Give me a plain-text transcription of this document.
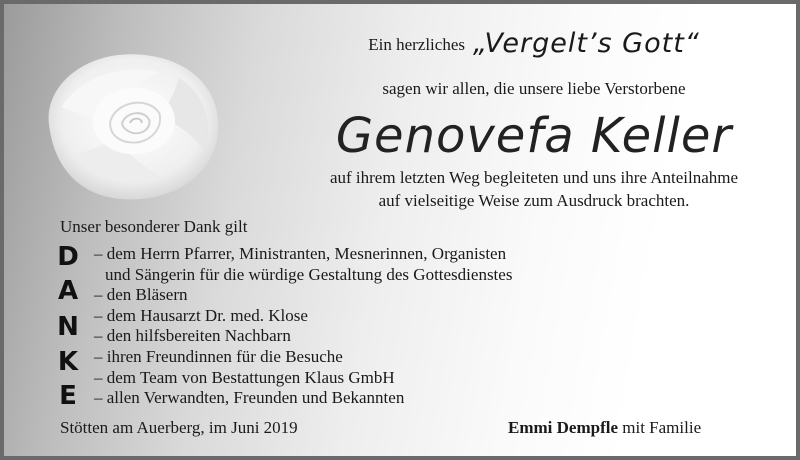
Ein herzliches „Vergelt’s Gott“
sagen wir allen, die unsere liebe Verstorbene
Genovefa Keller
auf ihrem letzten Weg begleiteten und uns ihre Anteilnahme
auf vielseitige Weise zum Ausdruck brachten.
Unser besonderer Dank gilt
D
A
N
K
E
– dem Herrn Pfarrer, Ministranten, Mesnerinnen, Organisten
und Sängerin für die würdige Gestaltung des Gottesdienstes
– den Bläsern
– dem Hausarzt Dr. med. Klose
– den hilfsbereiten Nachbarn
– ihren Freundinnen für die Besuche
– dem Team von Bestattungen Klaus GmbH
– allen Verwandten, Freunden und Bekannten
Stötten am Auerberg, im Juni 2019	Emmi Dempfle mit Familie
